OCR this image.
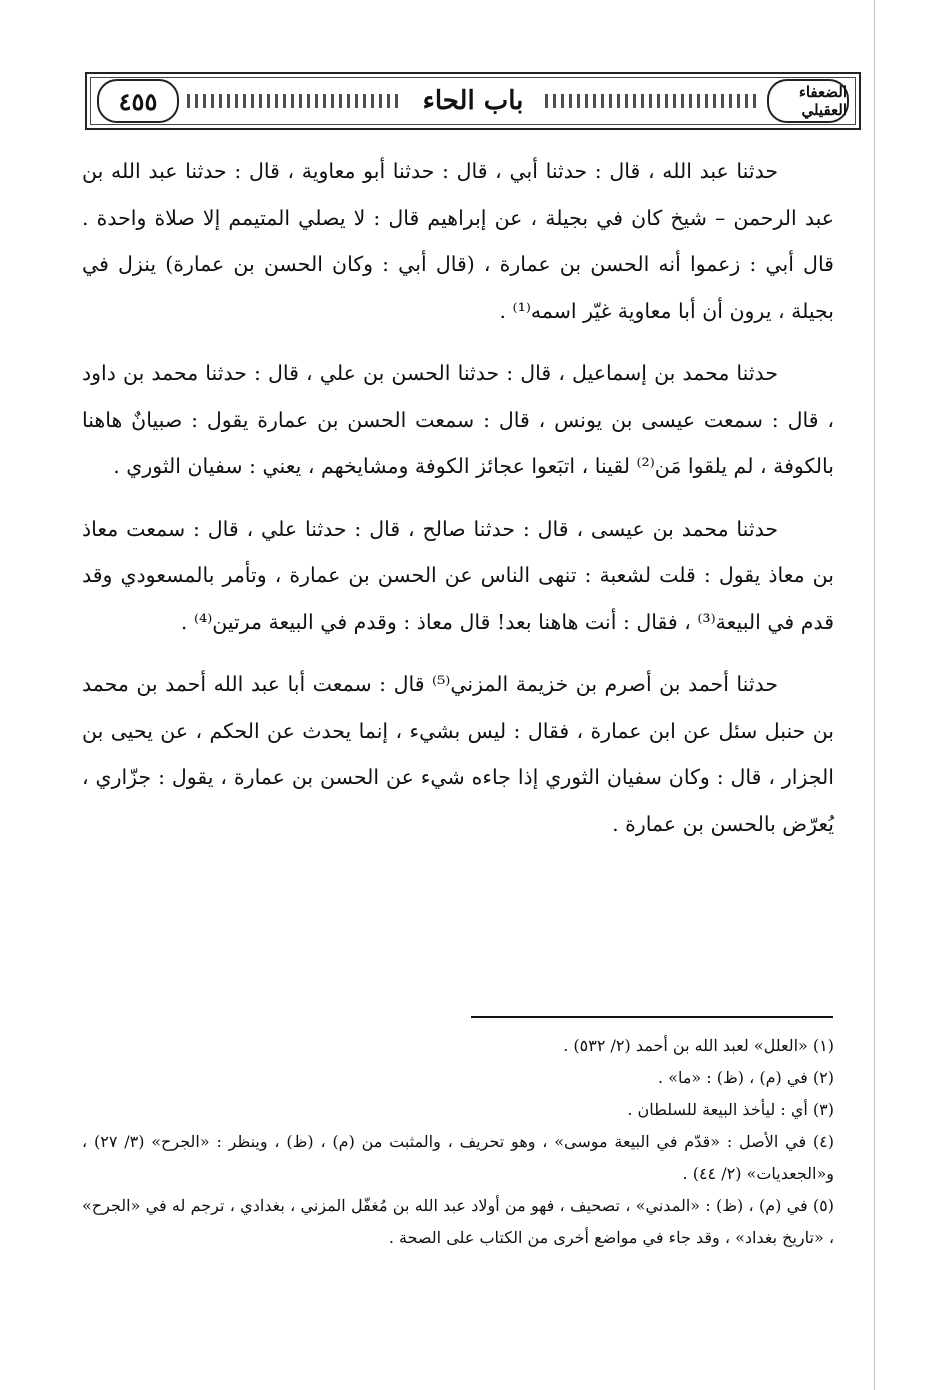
٤٥٥	باب الحاء	الضعفاء العقيلي

حدثنا عبد الله ، قال : حدثنا أبي ، قال : حدثنا أبو معاوية ، قال : حدثنا عبد الله بن عبد الرحمن – شيخ كان في بجيلة ، عن إبراهيم قال : لا يصلي المتيمم إلا صلاة واحدة . قال أبي : زعموا أنه الحسن بن عمارة ، (قال أبي : وكان الحسن بن عمارة) ينزل في بجيلة ، يرون أن أبا معاوية غيّر اسمه⁽¹⁾ .

حدثنا محمد بن إسماعيل ، قال : حدثنا الحسن بن علي ، قال : حدثنا محمد بن داود ، قال : سمعت عيسى بن يونس ، قال : سمعت الحسن بن عمارة يقول : صبيانٌ هاهنا بالكوفة ، لم يلقوا مَن⁽²⁾ لقينا ، اتبَعوا عجائز الكوفة ومشايخهم ، يعني : سفيان الثوري .

حدثنا محمد بن عيسى ، قال : حدثنا صالح ، قال : حدثنا علي ، قال : سمعت معاذ بن معاذ يقول : قلت لشعبة : تنهى الناس عن الحسن بن عمارة ، وتأمر بالمسعودي وقد قدم في البيعة⁽³⁾ ، فقال : أنت هاهنا بعد! قال معاذ : وقدم في البيعة مرتين⁽⁴⁾ .

حدثنا أحمد بن أصرم بن خزيمة المزني⁽⁵⁾ قال : سمعت أبا عبد الله أحمد بن محمد بن حنبل سئل عن ابن عمارة ، فقال : ليس بشيء ، إنما يحدث عن الحكم ، عن يحيى بن الجزار ، قال : وكان سفيان الثوري إذا جاءه شيء عن الحسن بن عمارة ، يقول : جزّاري ، يُعرّض بالحسن بن عمارة .

(١) «العلل» لعبد الله بن أحمد (٢/ ٥٣٢) .

(٢) في (م) ، (ظ) : «ما» .

(٣) أي : ليأخذ البيعة للسلطان .

(٤) في الأصل : «قدّم في البيعة موسى» ، وهو تحريف ، والمثبت من (م) ، (ظ) ، وينظر : «الجرح» (٣/ ٢٧) ، و«الجعديات» (٢/ ٤٤) .

(٥) في (م) ، (ظ) : «المدني» ، تصحيف ، فهو من أولاد عبد الله بن مُغفّل المزني ، بغدادي ، ترجم له في «الجرح» ، «تاريخ بغداد» ، وقد جاء في مواضع أخرى من الكتاب على الصحة .
